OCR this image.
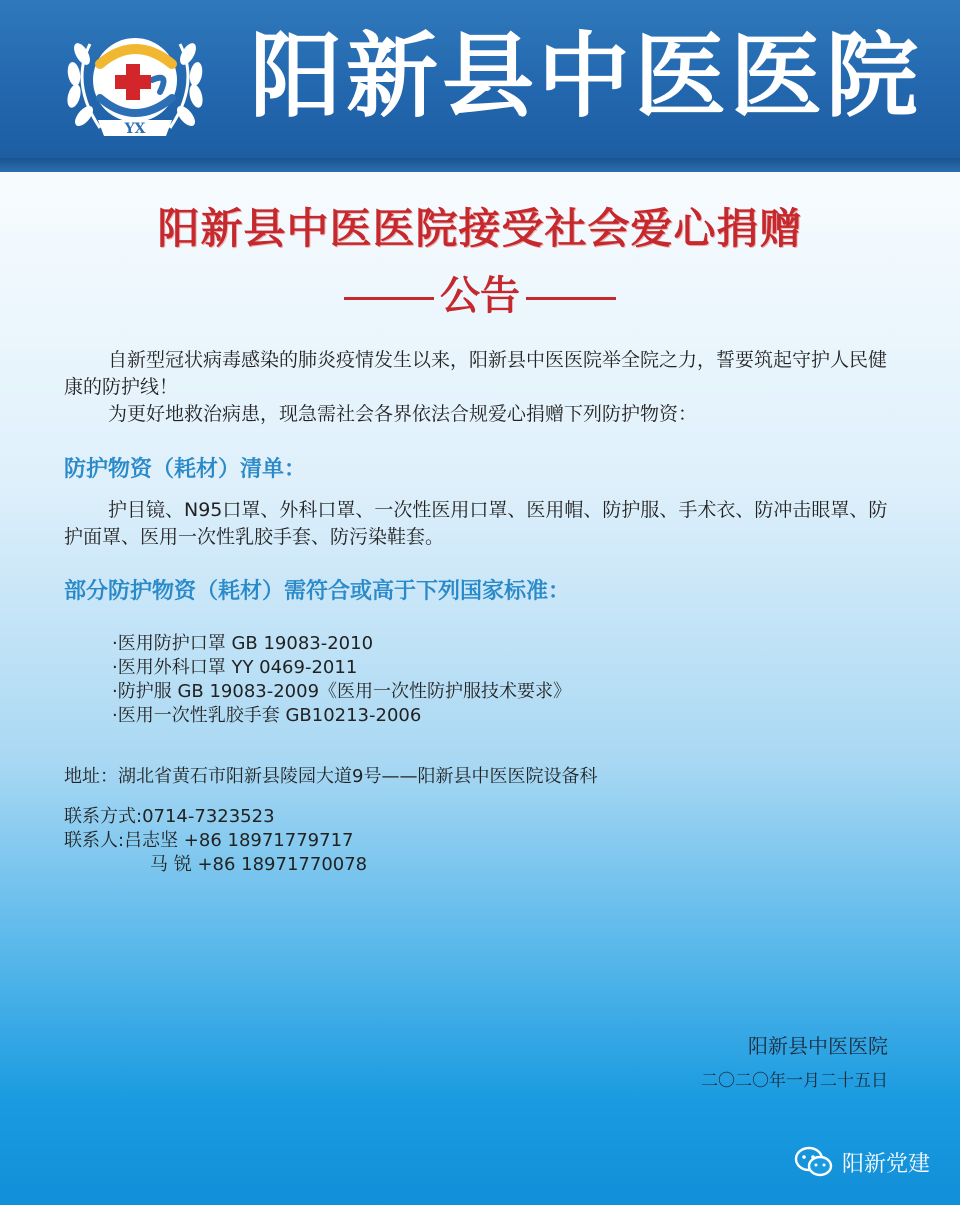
YX 阳新县中医医院
阳新县中医医院接受社会爱心捐赠
公告
自新型冠状病毒感染的肺炎疫情发生以来，阳新县中医医院举全院之力，誓要筑起守护人民健康的防护线！
为更好地救治病患，现急需社会各界依法合规爱心捐赠下列防护物资：
防护物资（耗材）清单：
护目镜、N95口罩、外科口罩、一次性医用口罩、医用帽、防护服、手术衣、防冲击眼罩、防护面罩、医用一次性乳胶手套、防污染鞋套。
部分防护物资（耗材）需符合或高于下列国家标准：
·医用防护口罩 GB 19083-2010
·医用外科口罩 YY 0469-2011
·防护服 GB 19083-2009《医用一次性防护服技术要求》
·医用一次性乳胶手套 GB10213-2006
地址：湖北省黄石市阳新县陵园大道9号——阳新县中医医院设备科
联系方式:0714-7323523
联系人:吕志坚 +86 18971779717
马 锐 +86 18971770078
阳新县中医医院
二〇二〇年一月二十五日
阳新党建
